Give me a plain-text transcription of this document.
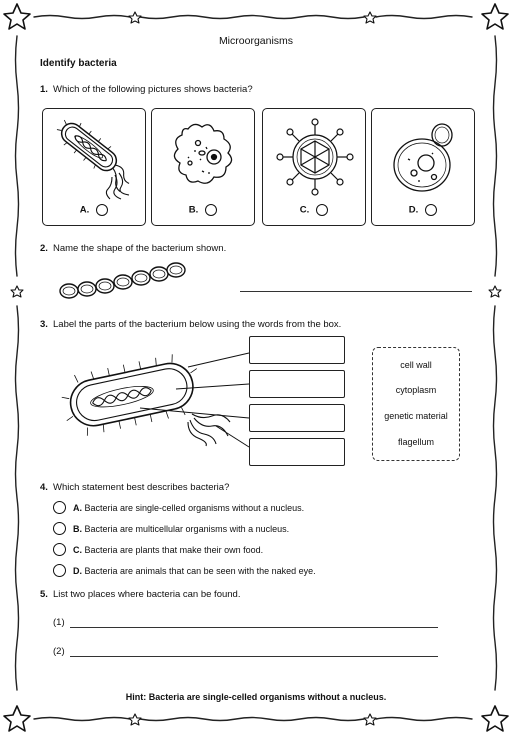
Microorganisms
Identify bacteria
1. Which of the following pictures shows bacteria?
A.	B.	C.	D.
2. Name the shape of the bacterium shown.
3. Label the parts of the bacterium below using the words from the box.
cell wall
cytoplasm
genetic material
flagellum
4. Which statement best describes bacteria?
A. Bacteria are single-celled organisms without a nucleus.
B. Bacteria are multicellular organisms with a nucleus.
C. Bacteria are plants that make their own food.
D. Bacteria are animals that can be seen with the naked eye.
5. List two places where bacteria can be found.
(1)
(2)
Hint: Bacteria are single-celled organisms without a nucleus.
